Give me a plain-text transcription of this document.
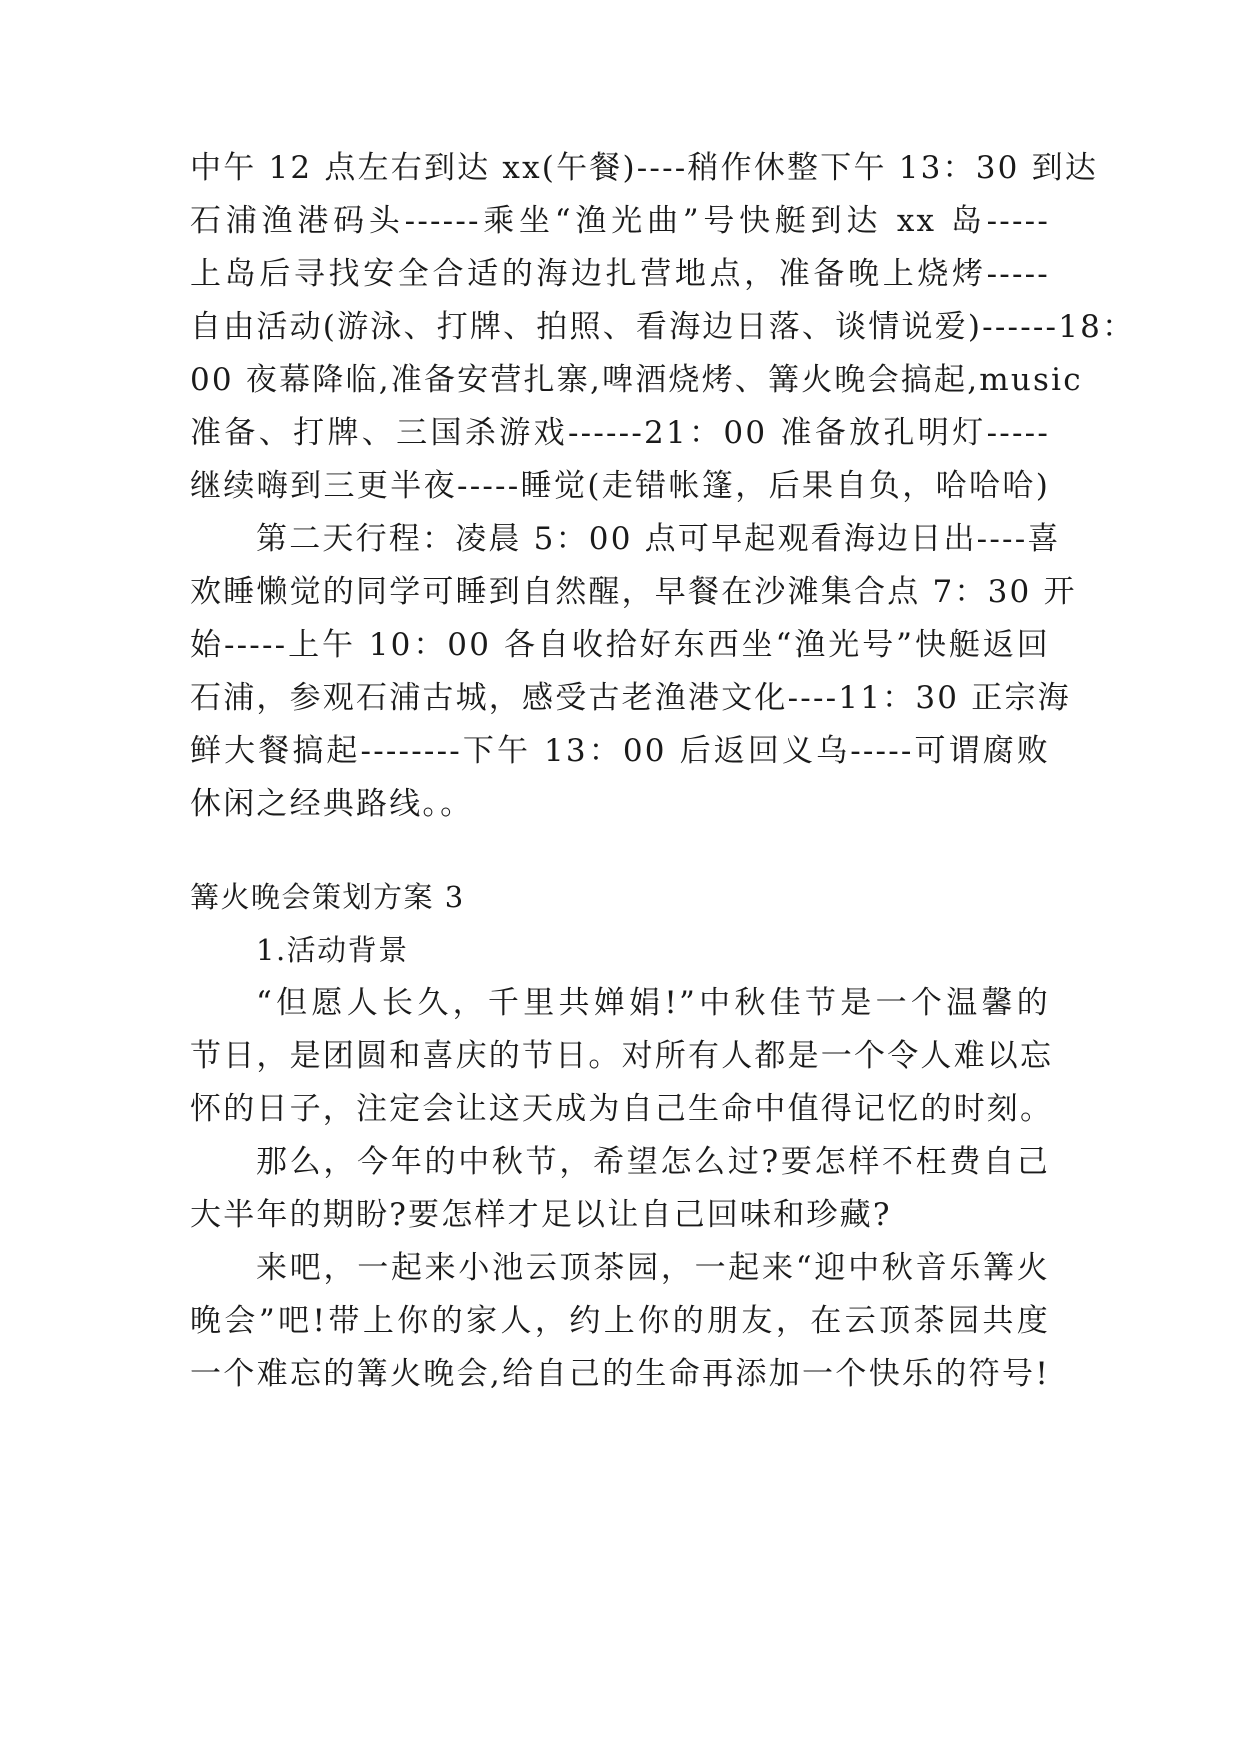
中午 12 点左右到达 xx(午餐)----稍作休整下午 13：30 到达
石浦渔港码头------乘坐“渔光曲”号快艇到达 xx 岛-----
上岛后寻找安全合适的海边扎营地点，准备晚上烧烤-----
自由活动(游泳、打牌、拍照、看海边日落、谈情说爱)------18：
00 夜幕降临,准备安营扎寨,啤酒烧烤、篝火晚会搞起,music
准备、打牌、三国杀游戏------21：00 准备放孔明灯-----
继续嗨到三更半夜-----睡觉(走错帐篷，后果自负，哈哈哈)
第二天行程：凌晨 5：00 点可早起观看海边日出----喜
欢睡懒觉的同学可睡到自然醒，早餐在沙滩集合点 7：30 开
始-----上午 10：00 各自收拾好东西坐“渔光号”快艇返回
石浦，参观石浦古城，感受古老渔港文化----11：30 正宗海
鲜大餐搞起--------下午 13：00 后返回义乌-----可谓腐败
休闲之经典路线。。
篝火晚会策划方案 3
1.活动背景
“但愿人长久，千里共婵娟!”中秋佳节是一个温馨的
节日，是团圆和喜庆的节日。对所有人都是一个令人难以忘
怀的日子，注定会让这天成为自己生命中值得记忆的时刻。
那么，今年的中秋节，希望怎么过?要怎样不枉费自己
大半年的期盼?要怎样才足以让自己回味和珍藏?
来吧，一起来小池云顶茶园，一起来“迎中秋音乐篝火
晚会”吧!带上你的家人，约上你的朋友，在云顶茶园共度
一个难忘的篝火晚会,给自己的生命再添加一个快乐的符号!
